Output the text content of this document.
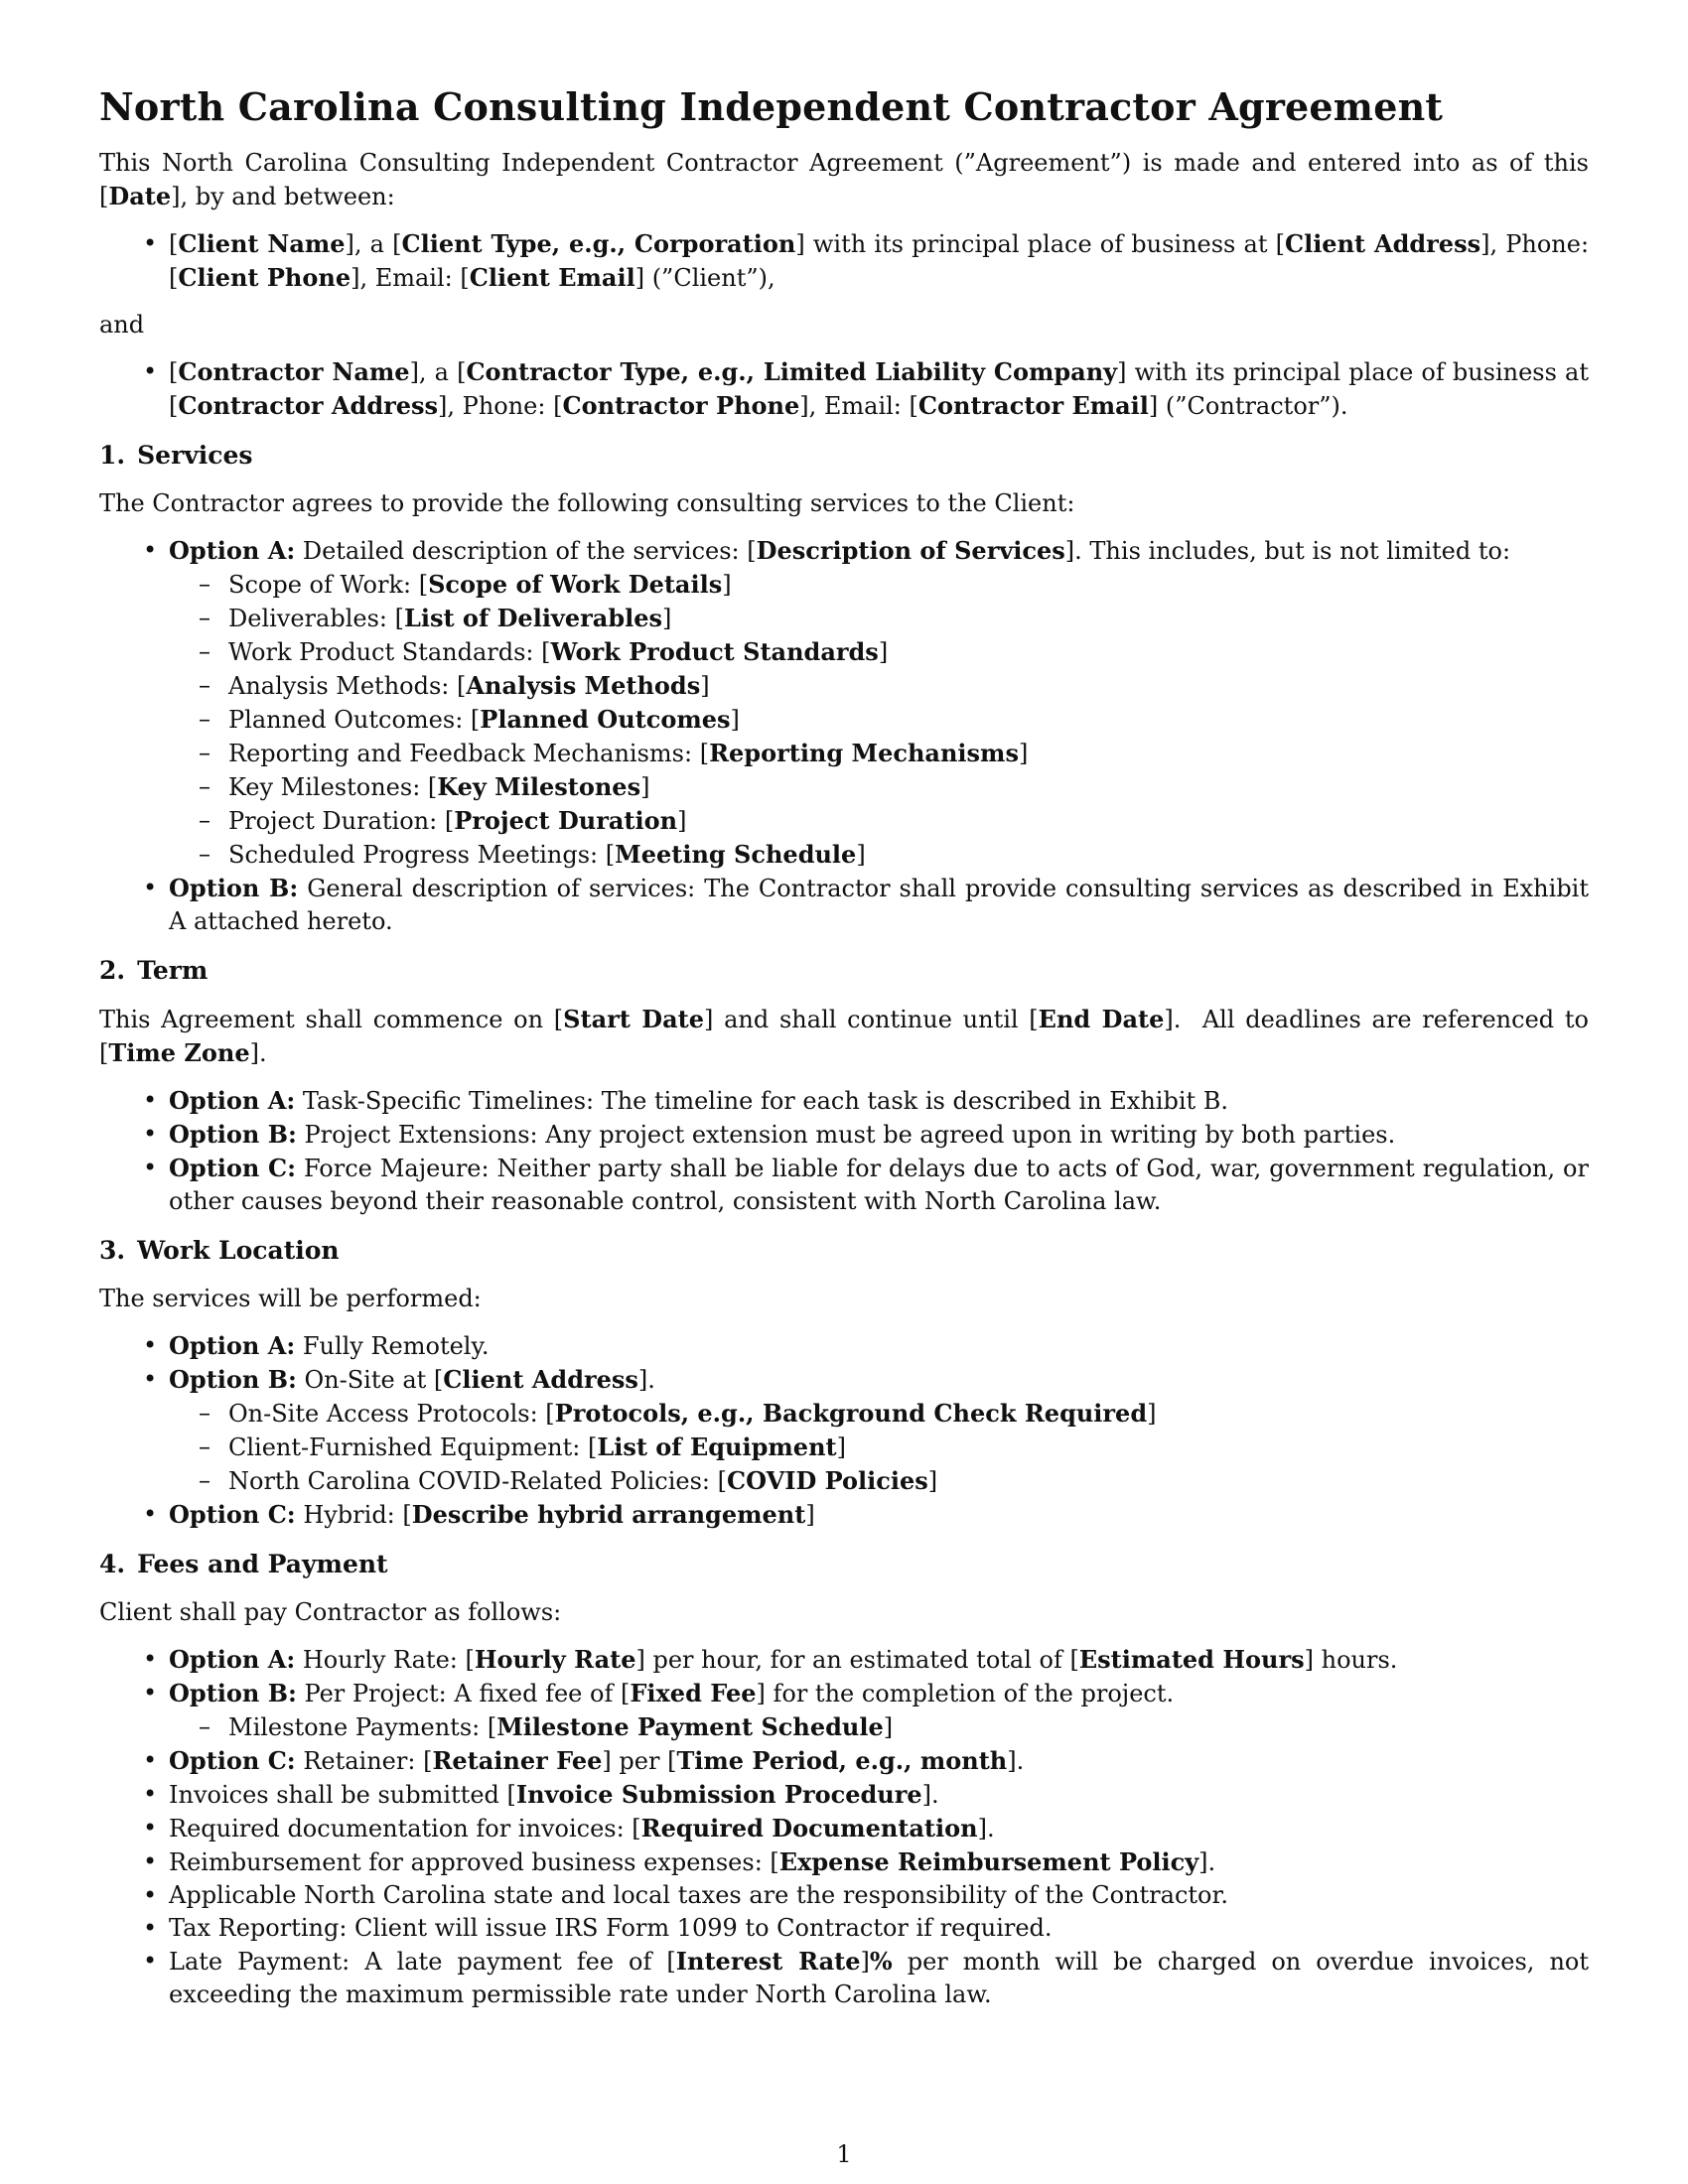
North Carolina Consulting Independent Contractor Agreement

This North Carolina Consulting Independent Contractor Agreement (”Agreement”) is made and entered into as of this [Date], by and between:

• [Client Name], a [Client Type, e.g., Corporation] with its principal place of business at [Client Address], Phone: [Client Phone], Email: [Client Email] (”Client”),

and

• [Contractor Name], a [Contractor Type, e.g., Limited Liability Company] with its principal place of business at [Contractor Address], Phone: [Contractor Phone], Email: [Contractor Email] (”Contractor”).
1. Services

The Contractor agrees to provide the following consulting services to the Client:

• Option A: Detailed description of the services: [Description of Services]. This includes, but is not limited to:
– Scope of Work: [Scope of Work Details]
– Deliverables: [List of Deliverables]
– Work Product Standards: [Work Product Standards]
– Analysis Methods: [Analysis Methods]
– Planned Outcomes: [Planned Outcomes]
– Reporting and Feedback Mechanisms: [Reporting Mechanisms]
– Key Milestones: [Key Milestones]
– Project Duration: [Project Duration]
– Scheduled Progress Meetings: [Meeting Schedule]
• Option B: General description of services: The Contractor shall provide consulting services as described in Exhibit A attached hereto.
2. Term

This Agreement shall commence on [Start Date] and shall continue until [End Date].  All deadlines are referenced to [Time Zone].

• Option A: Task-Specific Timelines: The timeline for each task is described in Exhibit B.
• Option B: Project Extensions: Any project extension must be agreed upon in writing by both parties.
• Option C: Force Majeure: Neither party shall be liable for delays due to acts of God, war, government regulation, or other causes beyond their reasonable control, consistent with North Carolina law.
3. Work Location

The services will be performed:

• Option A: Fully Remotely.
• Option B: On-Site at [Client Address].
– On-Site Access Protocols: [Protocols, e.g., Background Check Required]
– Client-Furnished Equipment: [List of Equipment]
– North Carolina COVID-Related Policies: [COVID Policies]
• Option C: Hybrid: [Describe hybrid arrangement]
4. Fees and Payment

Client shall pay Contractor as follows:

• Option A: Hourly Rate: [Hourly Rate] per hour, for an estimated total of [Estimated Hours] hours.
• Option B: Per Project: A fixed fee of [Fixed Fee] for the completion of the project.
– Milestone Payments: [Milestone Payment Schedule]
• Option C: Retainer: [Retainer Fee] per [Time Period, e.g., month].
• Invoices shall be submitted [Invoice Submission Procedure].
• Required documentation for invoices: [Required Documentation].
• Reimbursement for approved business expenses: [Expense Reimbursement Policy].
• Applicable North Carolina state and local taxes are the responsibility of the Contractor.
• Tax Reporting: Client will issue IRS Form 1099 to Contractor if required.
• Late Payment: A late payment fee of [Interest Rate]% per month will be charged on overdue invoices, not exceeding the maximum permissible rate under North Carolina law.
1
